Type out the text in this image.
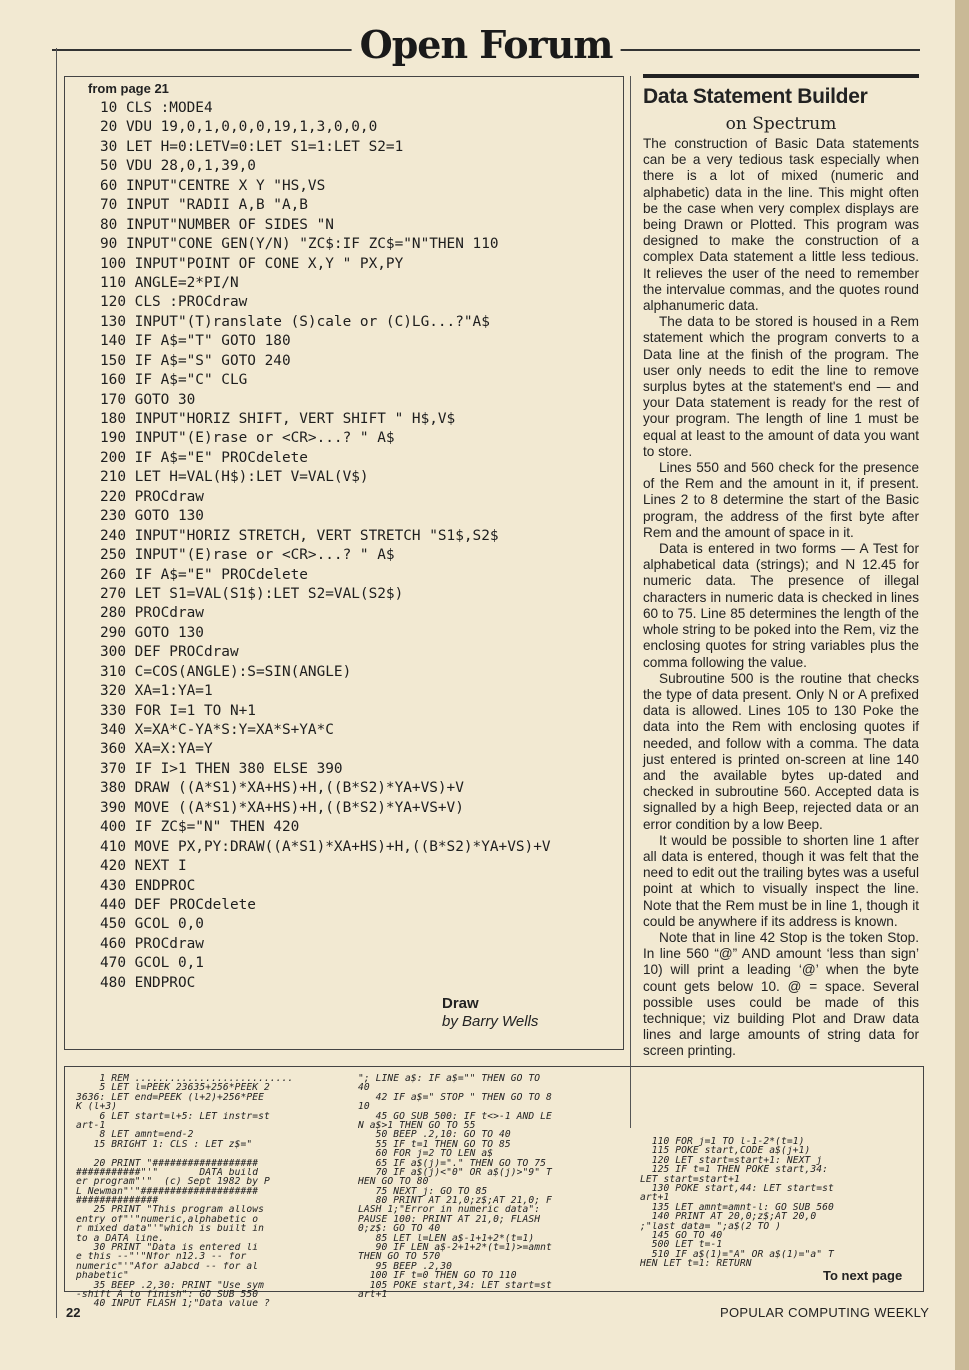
Open Forum
from page 21
10 CLS :MODE4
20 VDU 19,0,1,0,0,0,19,1,3,0,0,0
30 LET H=0:LETV=0:LET S1=1:LET S2=1
50 VDU 28,0,1,39,0
60 INPUT"CENTRE X Y "HS,VS
70 INPUT "RADII A,B "A,B
80 INPUT"NUMBER OF SIDES "N
90 INPUT"CONE GEN(Y/N) "ZC$:IF ZC$="N"THEN 110
100 INPUT"POINT OF CONE X,Y " PX,PY
110 ANGLE=2*PI/N
120 CLS :PROCdraw
130 INPUT"(T)ranslate (S)cale or (C)LG...?"A$
140 IF A$="T" GOTO 180
150 IF A$="S" GOTO 240
160 IF A$="C" CLG
170 GOTO 30
180 INPUT"HORIZ SHIFT, VERT SHIFT " H$,V$
190 INPUT"(E)rase or <CR>...? " A$
200 IF A$="E" PROCdelete
210 LET H=VAL(H$):LET V=VAL(V$)
220 PROCdraw
230 GOTO 130
240 INPUT"HORIZ STRETCH, VERT STRETCH "S1$,S2$
250 INPUT"(E)rase or <CR>...? " A$
260 IF A$="E" PROCdelete
270 LET S1=VAL(S1$):LET S2=VAL(S2$)
280 PROCdraw
290 GOTO 130
300 DEF PROCdraw
310 C=COS(ANGLE):S=SIN(ANGLE)
320 XA=1:YA=1
330 FOR I=1 TO N+1
340 X=XA*C-YA*S:Y=XA*S+YA*C
360 XA=X:YA=Y
370 IF I>1 THEN 380 ELSE 390
380 DRAW ((A*S1)*XA+HS)+H,((B*S2)*YA+VS)+V
390 MOVE ((A*S1)*XA+HS)+H,((B*S2)*YA+VS+V)
400 IF ZC$="N" THEN 420
410 MOVE PX,PY:DRAW((A*S1)*XA+HS)+H,((B*S2)*YA+VS)+V
420 NEXT I
430 ENDPROC
440 DEF PROCdelete
450 GCOL 0,0
460 PROCdraw
470 GCOL 0,1
480 ENDPROC
Draw
by Barry Wells
1 REM ...........................
5 LET l=PEEK 23635+256*PEEK 2
3636: LET end=PEEK (l+2)+256*PEE
K (l+3)
6 LET start=l+5: LET instr=st
art-1
8 LET amnt=end-2
15 BRIGHT 1: CLS : LET z$="
20 PRINT "##################
###########"'"       DATA build
er program"'"  (c) Sept 1982 by P
L Newman"'"####################
##############
25 PRINT "This program allows
entry of"'"numeric,alphabetic o
r mixed data"'"which is built in
to a DATA line.
30 PRINT "Data is entered li
e this --"'"Nfor n12.3 -- for
numeric"'"Afor aJabcd -- for al
phabetic"
35 BEEP .2,30: PRINT "Use sym
-shift A to finish": GO SUB 550
40 INPUT FLASH 1;"Data value ?
"; LINE a$: IF a$="" THEN GO TO
40
42 IF a$=" STOP " THEN GO TO 8
10
45 GO SUB 500: IF t<>-1 AND LE
N a$>1 THEN GO TO 55
50 BEEP .2,10: GO TO 40
55 IF t=1 THEN GO TO 85
60 FOR j=2 TO LEN a$
65 IF a$(j)="." THEN GO TO 75
70 IF a$(j)<"0" OR a$(j)>"9" T
HEN GO TO 80
75 NEXT j: GO TO 85
80 PRINT AT 21,0;z$;AT 21,0; F
LASH 1;"Error in numeric data":
PAUSE 100: PRINT AT 21,0; FLASH
0;z$: GO TO 40
85 LET l=LEN a$-1+1+2*(t=1)
90 IF LEN a$-2+1+2*(t=1)>=amnt
THEN GO TO 570
95 BEEP .2,30
100 IF t=0 THEN GO TO 110
105 POKE start,34: LET start=st
art+1
110 FOR j=1 TO l-1-2*(t=1)
115 POKE start,CODE a$(j+1)
120 LET start=start+1: NEXT j
125 IF t=1 THEN POKE start,34:
LET start=start+1
130 POKE start,44: LET start=st
art+1
135 LET amnt=amnt-l: GO SUB 560
140 PRINT AT 20,0;z$;AT 20,0
;"last data= ";a$(2 TO )
145 GO TO 40
500 LET t=-1
510 IF a$(1)="A" OR a$(1)="a" T
HEN LET t=1: RETURN
Data Statement Builder
on Spectrum

The construction of Basic Data statements can be a very tedious task especially when there is a lot of mixed (numeric and alphabetic) data in the line. This might often be the case when very complex displays are being Drawn or Plotted. This program was designed to make the construction of a complex Data statement a little less tedious. It relieves the user of the need to remember the intervalue commas, and the quotes round alphanumeric data.

The data to be stored is housed in a Rem statement which the program converts to a Data line at the finish of the program. The user only needs to edit the line to remove surplus bytes at the statement's end — and your Data statement is ready for the rest of your program. The length of line 1 must be equal at least to the amount of data you want to store.

Lines 550 and 560 check for the presence of the Rem and the amount in it, if present. Lines 2 to 8 determine the start of the Basic program, the address of the first byte after Rem and the amount of space in it.

Data is entered in two forms — A Test for alphabetical data (strings); and N 12.45 for numeric data. The presence of illegal characters in numeric data is checked in lines 60 to 75. Line 85 determines the length of the whole string to be poked into the Rem, viz the enclosing quotes for string variables plus the comma following the value.

Subroutine 500 is the routine that checks the type of data present. Only N or A prefixed data is allowed. Lines 105 to 130 Poke the data into the Rem with enclosing quotes if needed, and follow with a comma. The data just entered is printed on-screen at line 140 and the available bytes up-dated and checked in subroutine 560. Accepted data is signalled by a high Beep, rejected data or an error condition by a low Beep.

It would be possible to shorten line 1 after all data is entered, though it was felt that the need to edit out the trailing bytes was a useful point at which to visually inspect the line. Note that the Rem must be in line 1, though it could be anywhere if its address is known.

Note that in line 42 Stop is the token Stop. In line 560 “@” AND amount ‘less than sign’ 10) will print a leading ‘@’ when the byte count gets below 10. @ = space. Several possible uses could be made of this technique; viz building Plot and Draw data lines and large amounts of string data for screen printing.

To next page
22	POPULAR COMPUTING WEEKLY
